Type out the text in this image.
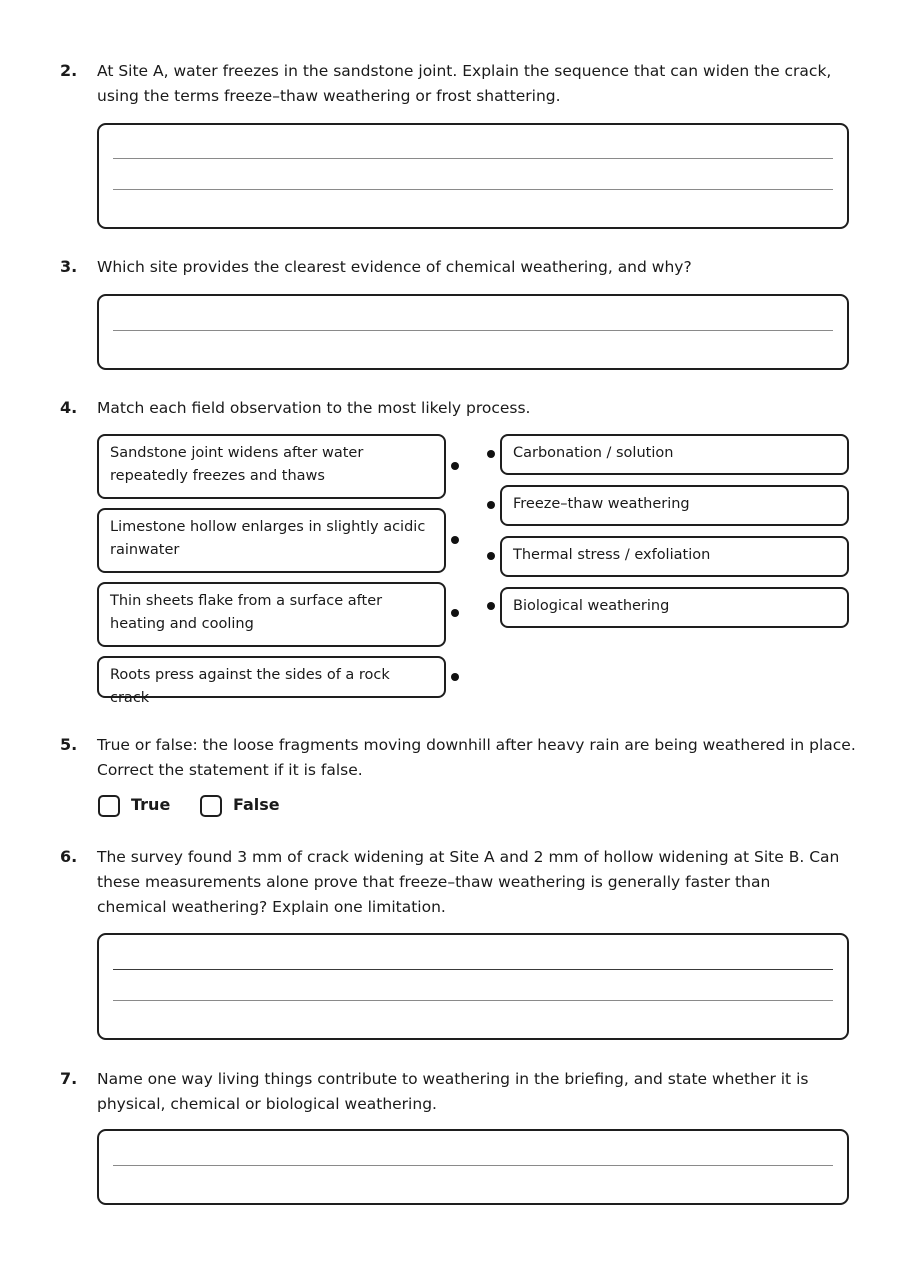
2. At Site A, water freezes in the sandstone joint. Explain the sequence that can widen the crack, using the terms freeze–thaw weathering or frost shattering.
3. Which site provides the clearest evidence of chemical weathering, and why?
4. Match each field observation to the most likely process.
Sandstone joint widens after water repeatedly freezes and thaws
Limestone hollow enlarges in slightly acidic rainwater
Thin sheets flake from a surface after heating and cooling
Roots press against the sides of a rock crack
Carbonation / solution
Freeze–thaw weathering
Thermal stress / exfoliation
Biological weathering
5. True or false: the loose fragments moving downhill after heavy rain are being weathered in place. Correct the statement if it is false.
True	False
6. The survey found 3 mm of crack widening at Site A and 2 mm of hollow widening at Site B. Can these measurements alone prove that freeze–thaw weathering is generally faster than chemical weathering? Explain one limitation.
7. Name one way living things contribute to weathering in the briefing, and state whether it is physical, chemical or biological weathering.
